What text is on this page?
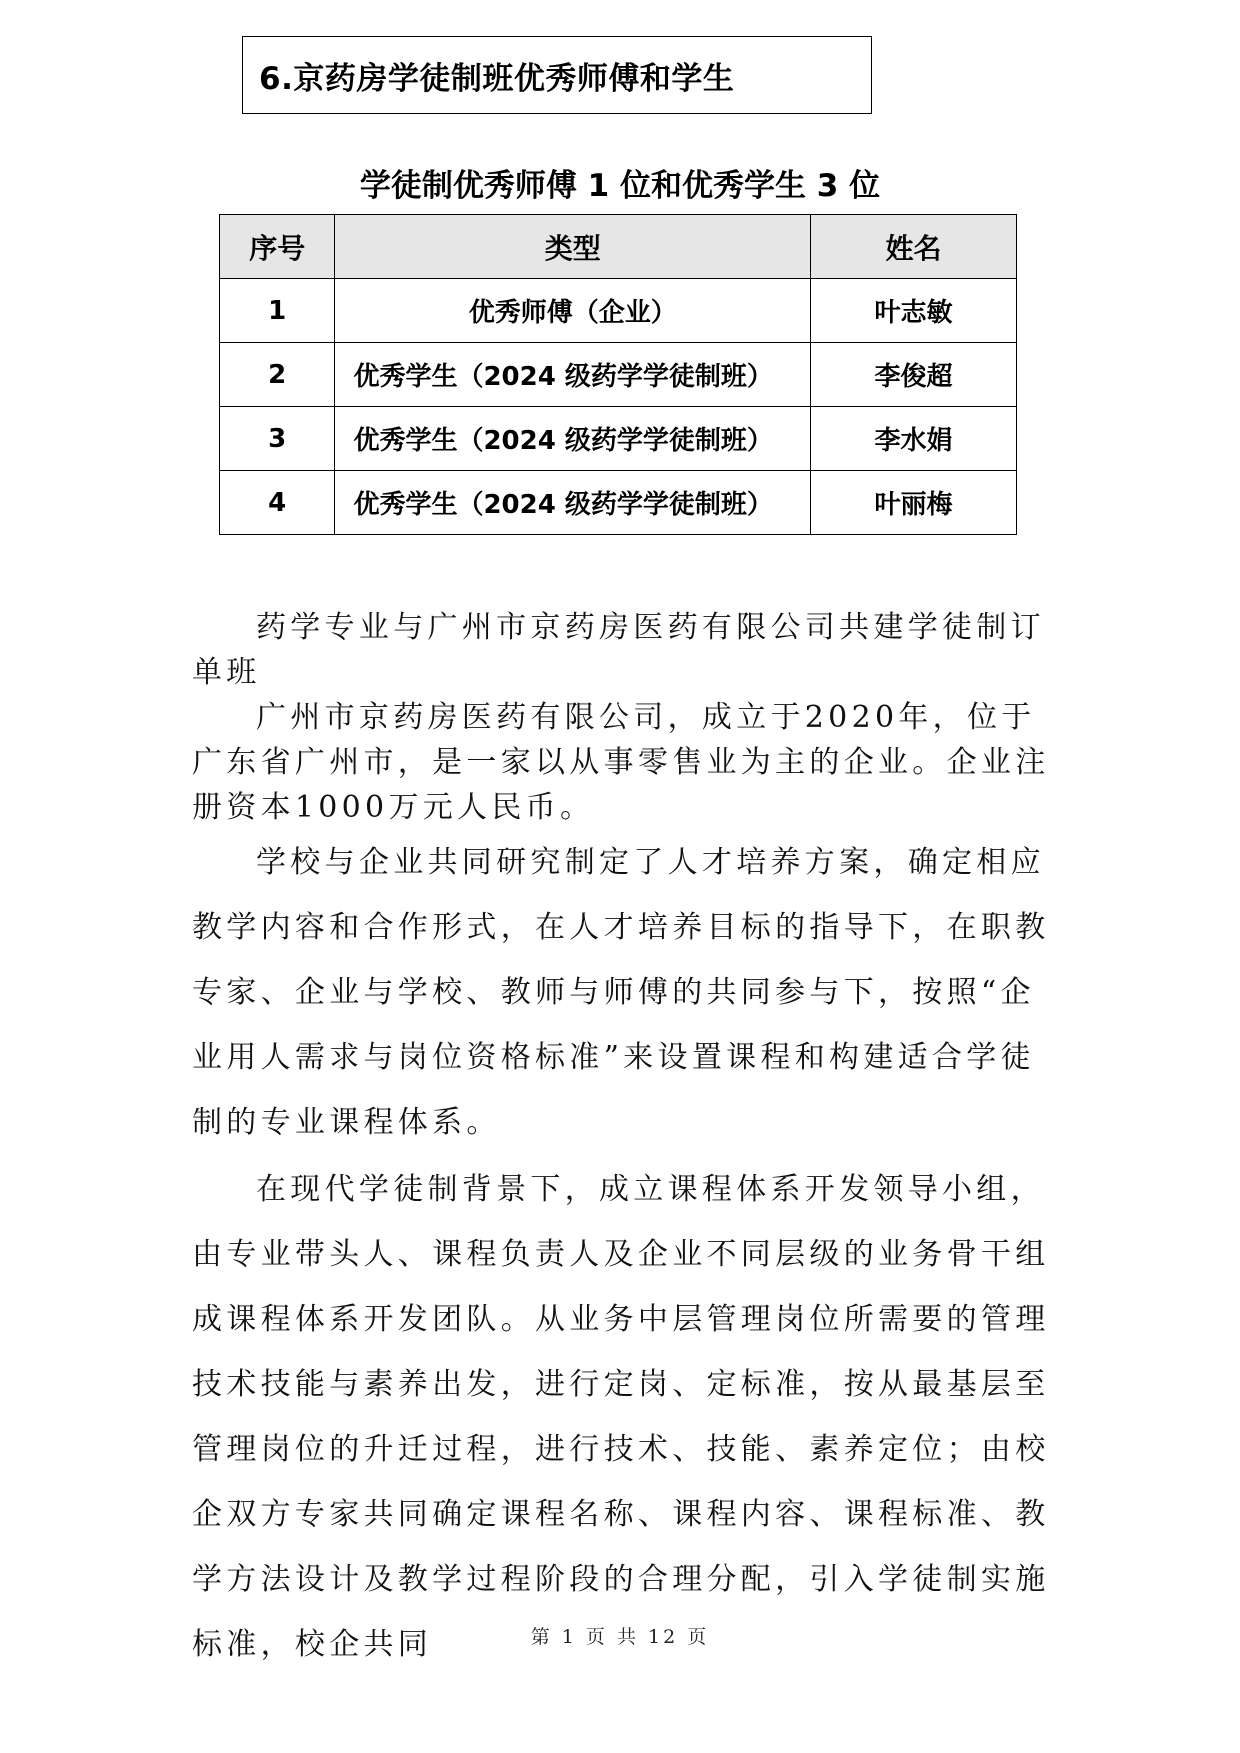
6.京药房学徒制班优秀师傅和学生
学徒制优秀师傅 1 位和优秀学生 3 位
序号	类型	姓名
1	优秀师傅（企业）	叶志敏
2	优秀学生（2024 级药学学徒制班）	李俊超
3	优秀学生（2024 级药学学徒制班）	李水娟
4	优秀学生（2024 级药学学徒制班）	叶丽梅

药学专业与广州市京药房医药有限公司共建学徒制订单班

广州市京药房医药有限公司，成立于2020年，位于广东省广州市，是一家以从事零售业为主的企业。企业注册资本1000万元人民币。

学校与企业共同研究制定了人才培养方案，确定相应教学内容和合作形式，在人才培养目标的指导下，在职教专家、企业与学校、教师与师傅的共同参与下，按照“企业用人需求与岗位资格标准”来设置课程和构建适合学徒制的专业课程体系。

在现代学徒制背景下，成立课程体系开发领导小组，由专业带头人、课程负责人及企业不同层级的业务骨干组成课程体系开发团队。从业务中层管理岗位所需要的管理技术技能与素养出发，进行定岗、定标准，按从最基层至管理岗位的升迁过程，进行技术、技能、素养定位；由校企双方专家共同确定课程名称、课程内容、课程标准、教学方法设计及教学过程阶段的合理分配，引入学徒制实施标准，校企共同	第 1 页 共 12 页
